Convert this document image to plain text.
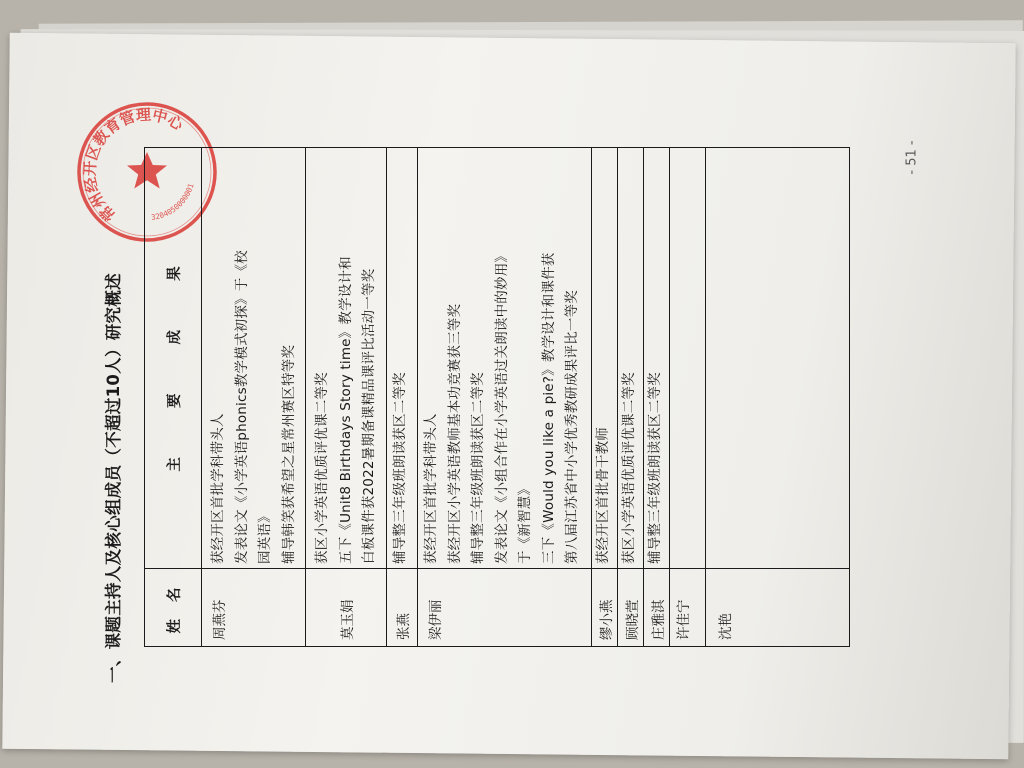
- 51 -
常州经开区教育管理中心
3204050000001
一、课题主持人及核心组成员（不超过10人）研究概述	姓 名
主 要 成 果
周燕芬
获经开区首批学科带头人 发表论文《小学英语phonics教学模式初探》于《校 园英语》 辅导韩笑获希望之星常州赛区特等奖
莫玉娟
获区小学英语优质评优课二等奖 五下《Unit8 Birthdays Story time》教学设计和 白板课件获2022暑期备课精品课评比活动一等奖
张燕
辅导整三年级班朗读获区二等奖
梁伊丽
获经开区首批学科带头人 获经开区小学英语教师基本功竞赛获三等奖 辅导整三年级班朗读获区二等奖 发表论文《小组合作在小学英语过关朗读中的妙用》 于《新智慧》 三下《Would you like a pie?》教学设计和课件获 第八届江苏省中小学优秀教研成果评比一等奖
缪小燕
获经开区首批骨干教师
顾晓萱
获区小学英语优质评优课二等奖
庄雅淇
辅导整三年级班朗读获区二等奖
许佳宁	沈艳
